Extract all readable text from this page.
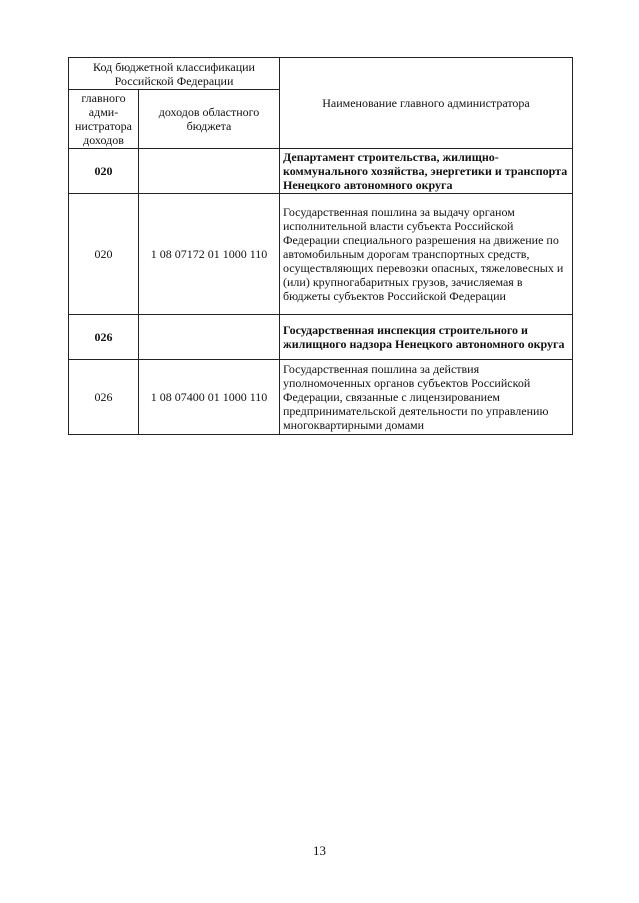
Код бюджетной классификации Российской Федерации		Наименование главного администратора
главного адми-нистратора доходов	доходов областного бюджета	
020		Департамент строительства, жилищно-коммунального хозяйства, энергетики и транспорта Ненецкого автономного округа
020	1 08 07172 01 1000 110	Государственная пошлина за выдачу органом исполнительной власти субъекта Российской Федерации специального разрешения на движение по автомобильным дорогам транспортных средств, осуществляющих перевозки опасных, тяжеловесных и (или) крупногабаритных грузов, зачисляемая в бюджеты субъектов Российской Федерации
026		Государственная инспекция строительного и жилищного надзора Ненецкого автономного округа
026	1 08 07400 01 1000 110	Государственная пошлина за действия уполномоченных органов субъектов Российской Федерации, связанные с лицензированием предпринимательской деятельности по управлению многоквартирными домами
13
